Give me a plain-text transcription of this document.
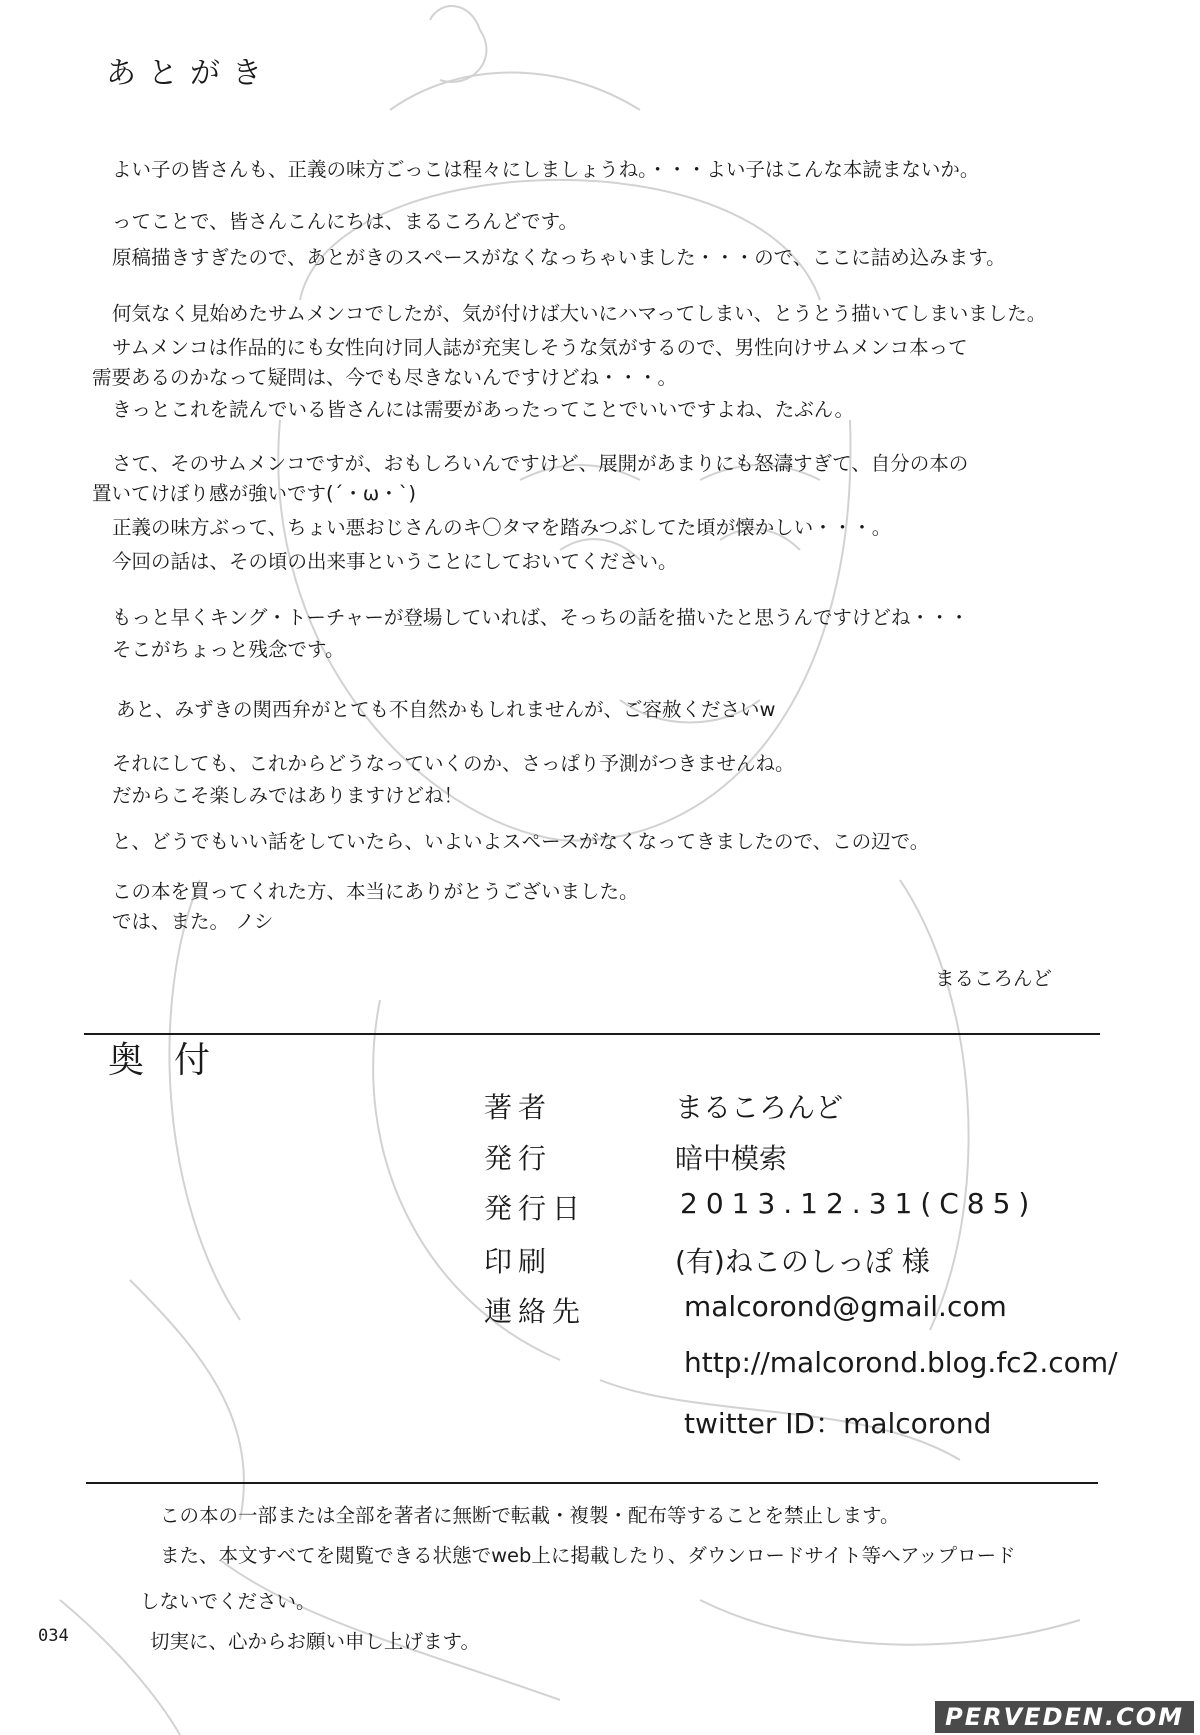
あとがき
よい子の皆さんも、正義の味方ごっこは程々にしましょうね。・・・よい子はこんな本読まないか。
ってことで、皆さんこんにちは、まるころんどです。
原稿描きすぎたので、あとがきのスペースがなくなっちゃいました・・・ので、ここに詰め込みます。
何気なく見始めたサムメンコでしたが、気が付けば大いにハマってしまい、とうとう描いてしまいました。
サムメンコは作品的にも女性向け同人誌が充実しそうな気がするので、男性向けサムメンコ本って
需要あるのかなって疑問は、今でも尽きないんですけどね・・・。
きっとこれを読んでいる皆さんには需要があったってことでいいですよね、たぶん。
さて、そのサムメンコですが、おもしろいんですけど、展開があまりにも怒濤すぎて、自分の本の
置いてけぼり感が強いです(´・ω・`)
正義の味方ぶって、ちょい悪おじさんのキ〇タマを踏みつぶしてた頃が懐かしい・・・。
今回の話は、その頃の出来事ということにしておいてください。
もっと早くキング・トーチャーが登場していれば、そっちの話を描いたと思うんですけどね・・・
そこがちょっと残念です。
あと、みずきの関西弁がとても不自然かもしれませんが、ご容赦くださいw
それにしても、これからどうなっていくのか、さっぱり予測がつきませんね。
だからこそ楽しみではありますけどね！
と、どうでもいい話をしていたら、いよいよスペースがなくなってきましたので、この辺で。
この本を買ってくれた方、本当にありがとうございました。
では、また。 ノシ
まるころんど
奥付
著者	まるころんど
発行	暗中模索
発行日	2013.12.31(C85)
印刷	(有)ねこのしっぽ 様
連絡先	malcorond@gmail.com
http://malcorond.blog.fc2.com/
twitter ID：malcorond
この本の一部または全部を著者に無断で転載・複製・配布等することを禁止します。
また、本文すべてを閲覧できる状態でweb上に掲載したり、ダウンロードサイト等へアップロード
しないでください。
切実に、心からお願い申し上げます。
034
PERVEDEN.COM
